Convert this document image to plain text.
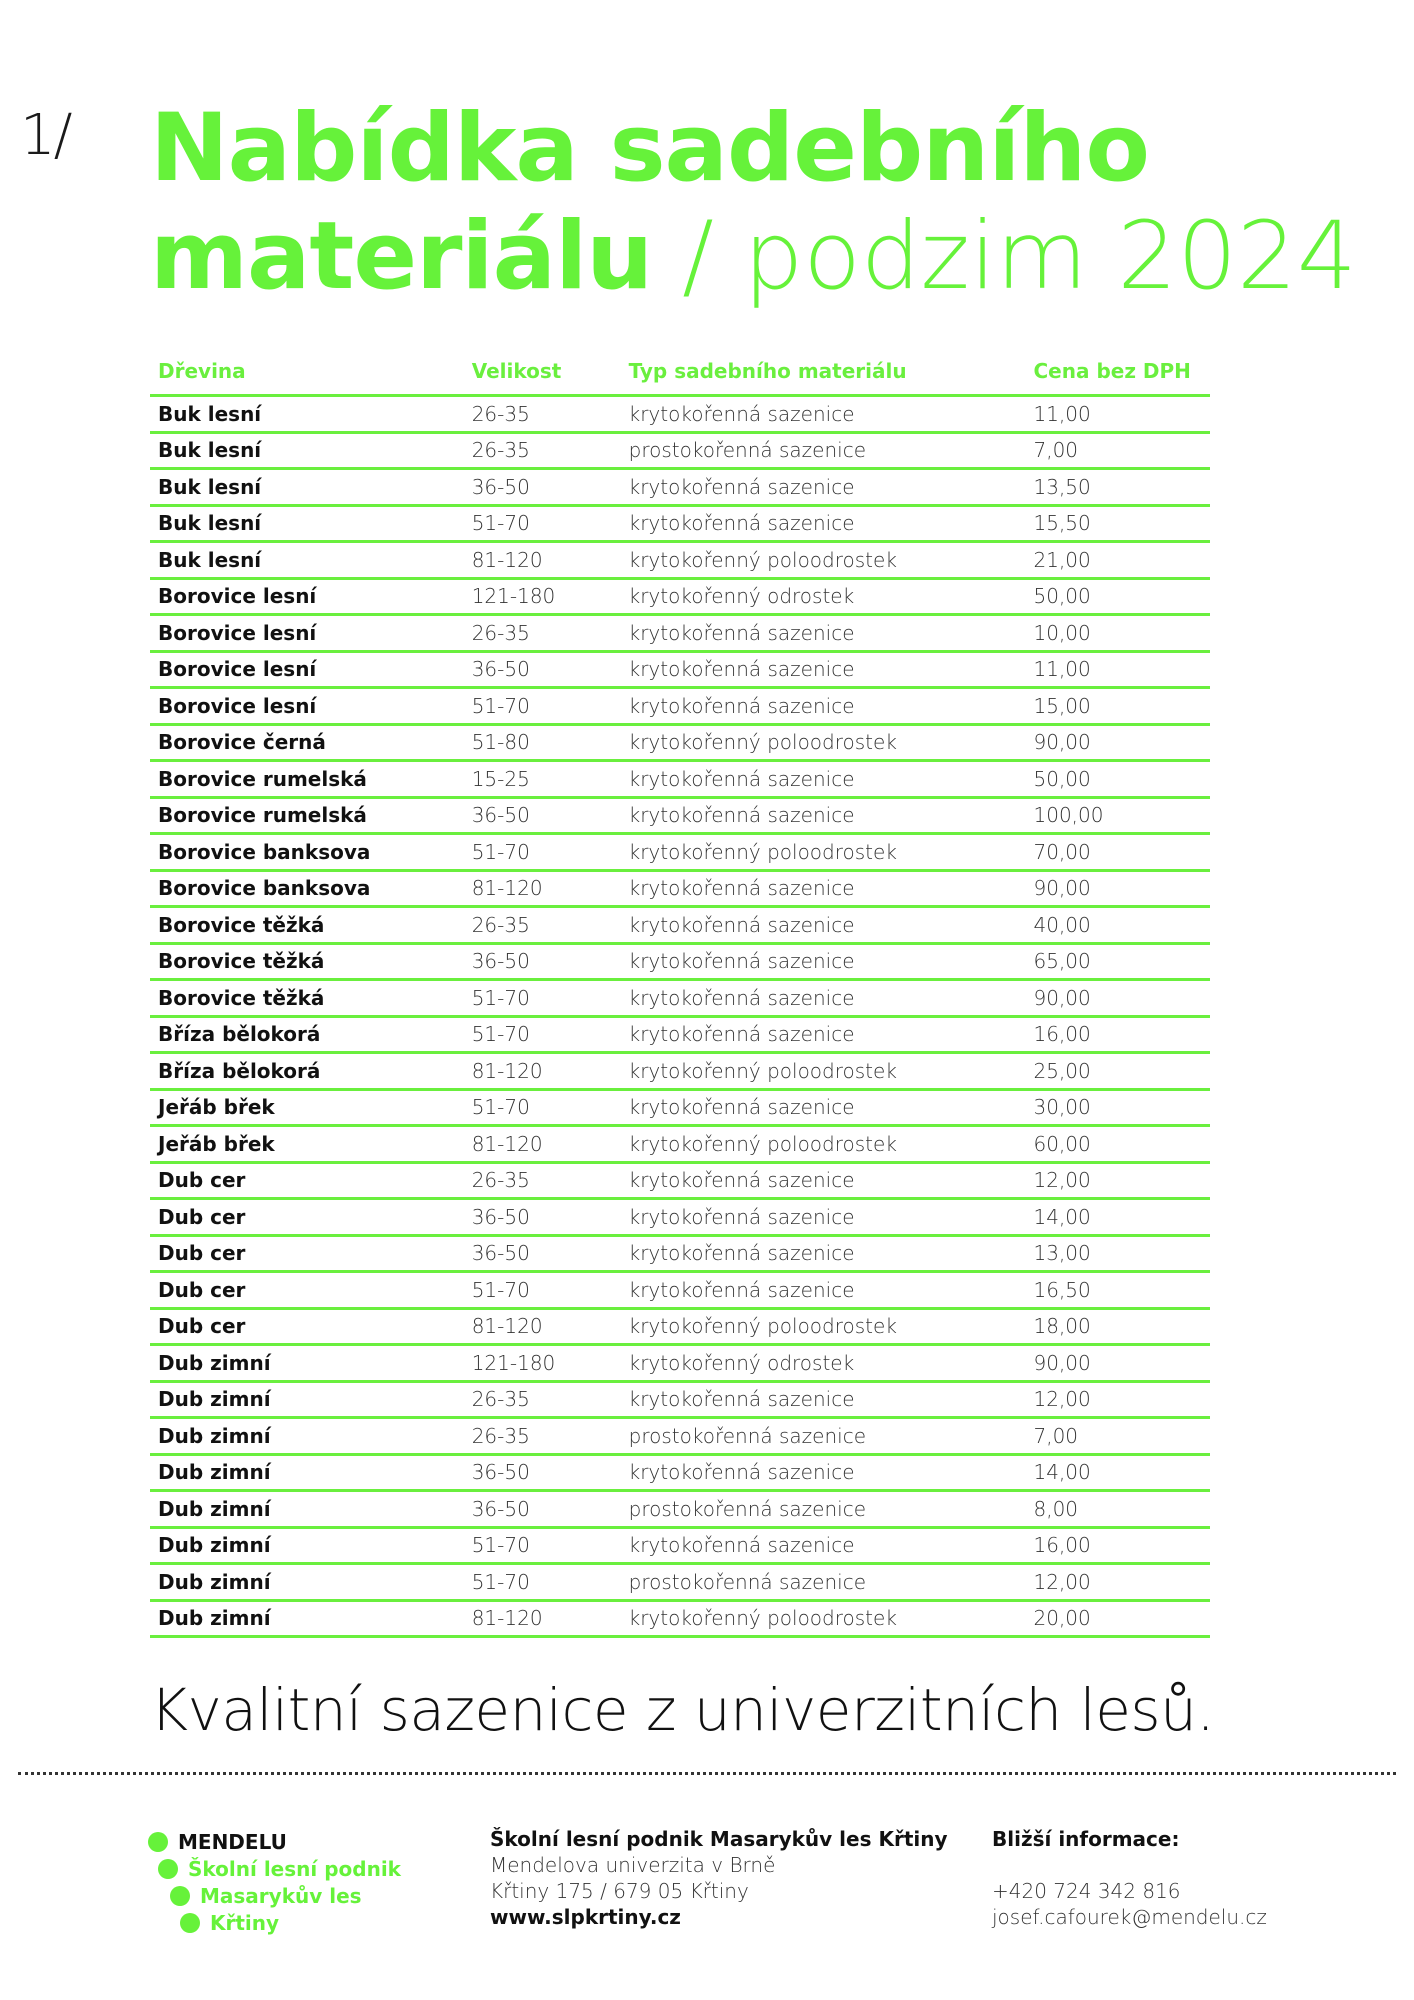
1/ Nabídka sadebního
materiálu / podzim 2024
Dřevina	Velikost	Typ sadebního materiálu	Cena bez DPH
Buk lesní	26-35	krytokořenná sazenice	11,00
Buk lesní	26-35	prostokořenná sazenice	7,00
Buk lesní	36-50	krytokořenná sazenice	13,50
Buk lesní	51-70	krytokořenná sazenice	15,50
Buk lesní	81-120	krytokořenný poloodrostek	21,00
Borovice lesní	121-180	krytokořenný odrostek	50,00
Borovice lesní	26-35	krytokořenná sazenice	10,00
Borovice lesní	36-50	krytokořenná sazenice	11,00
Borovice lesní	51-70	krytokořenná sazenice	15,00
Borovice černá	51-80	krytokořenný poloodrostek	90,00
Borovice rumelská	15-25	krytokořenná sazenice	50,00
Borovice rumelská	36-50	krytokořenná sazenice	100,00
Borovice banksova	51-70	krytokořenný poloodrostek	70,00
Borovice banksova	81-120	krytokořenná sazenice	90,00
Borovice těžká	26-35	krytokořenná sazenice	40,00
Borovice těžká	36-50	krytokořenná sazenice	65,00
Borovice těžká	51-70	krytokořenná sazenice	90,00
Bříza bělokorá	51-70	krytokořenná sazenice	16,00
Bříza bělokorá	81-120	krytokořenný poloodrostek	25,00
Jeřáb břek	51-70	krytokořenná sazenice	30,00
Jeřáb břek	81-120	krytokořenný poloodrostek	60,00
Dub cer	26-35	krytokořenná sazenice	12,00
Dub cer	36-50	krytokořenná sazenice	14,00
Dub cer	36-50	krytokořenná sazenice	13,00
Dub cer	51-70	krytokořenná sazenice	16,50
Dub cer	81-120	krytokořenný poloodrostek	18,00
Dub zimní	121-180	krytokořenný odrostek	90,00
Dub zimní	26-35	krytokořenná sazenice	12,00
Dub zimní	26-35	prostokořenná sazenice	7,00
Dub zimní	36-50	krytokořenná sazenice	14,00
Dub zimní	36-50	prostokořenná sazenice	8,00
Dub zimní	51-70	krytokořenná sazenice	16,00
Dub zimní	51-70	prostokořenná sazenice	12,00
Dub zimní	81-120	krytokořenný poloodrostek	20,00
Kvalitní sazenice z univerzitních lesů.
MENDELU
Školní lesní podnik
Masarykův les
Křtiny
Školní lesní podnik Masarykův les Křtiny
Mendelova univerzita v Brně
Křtiny 175 / 679 05 Křtiny
www.slpkrtiny.cz
Bližší informace:
+420 724 342 816
josef.cafourek@mendelu.cz
